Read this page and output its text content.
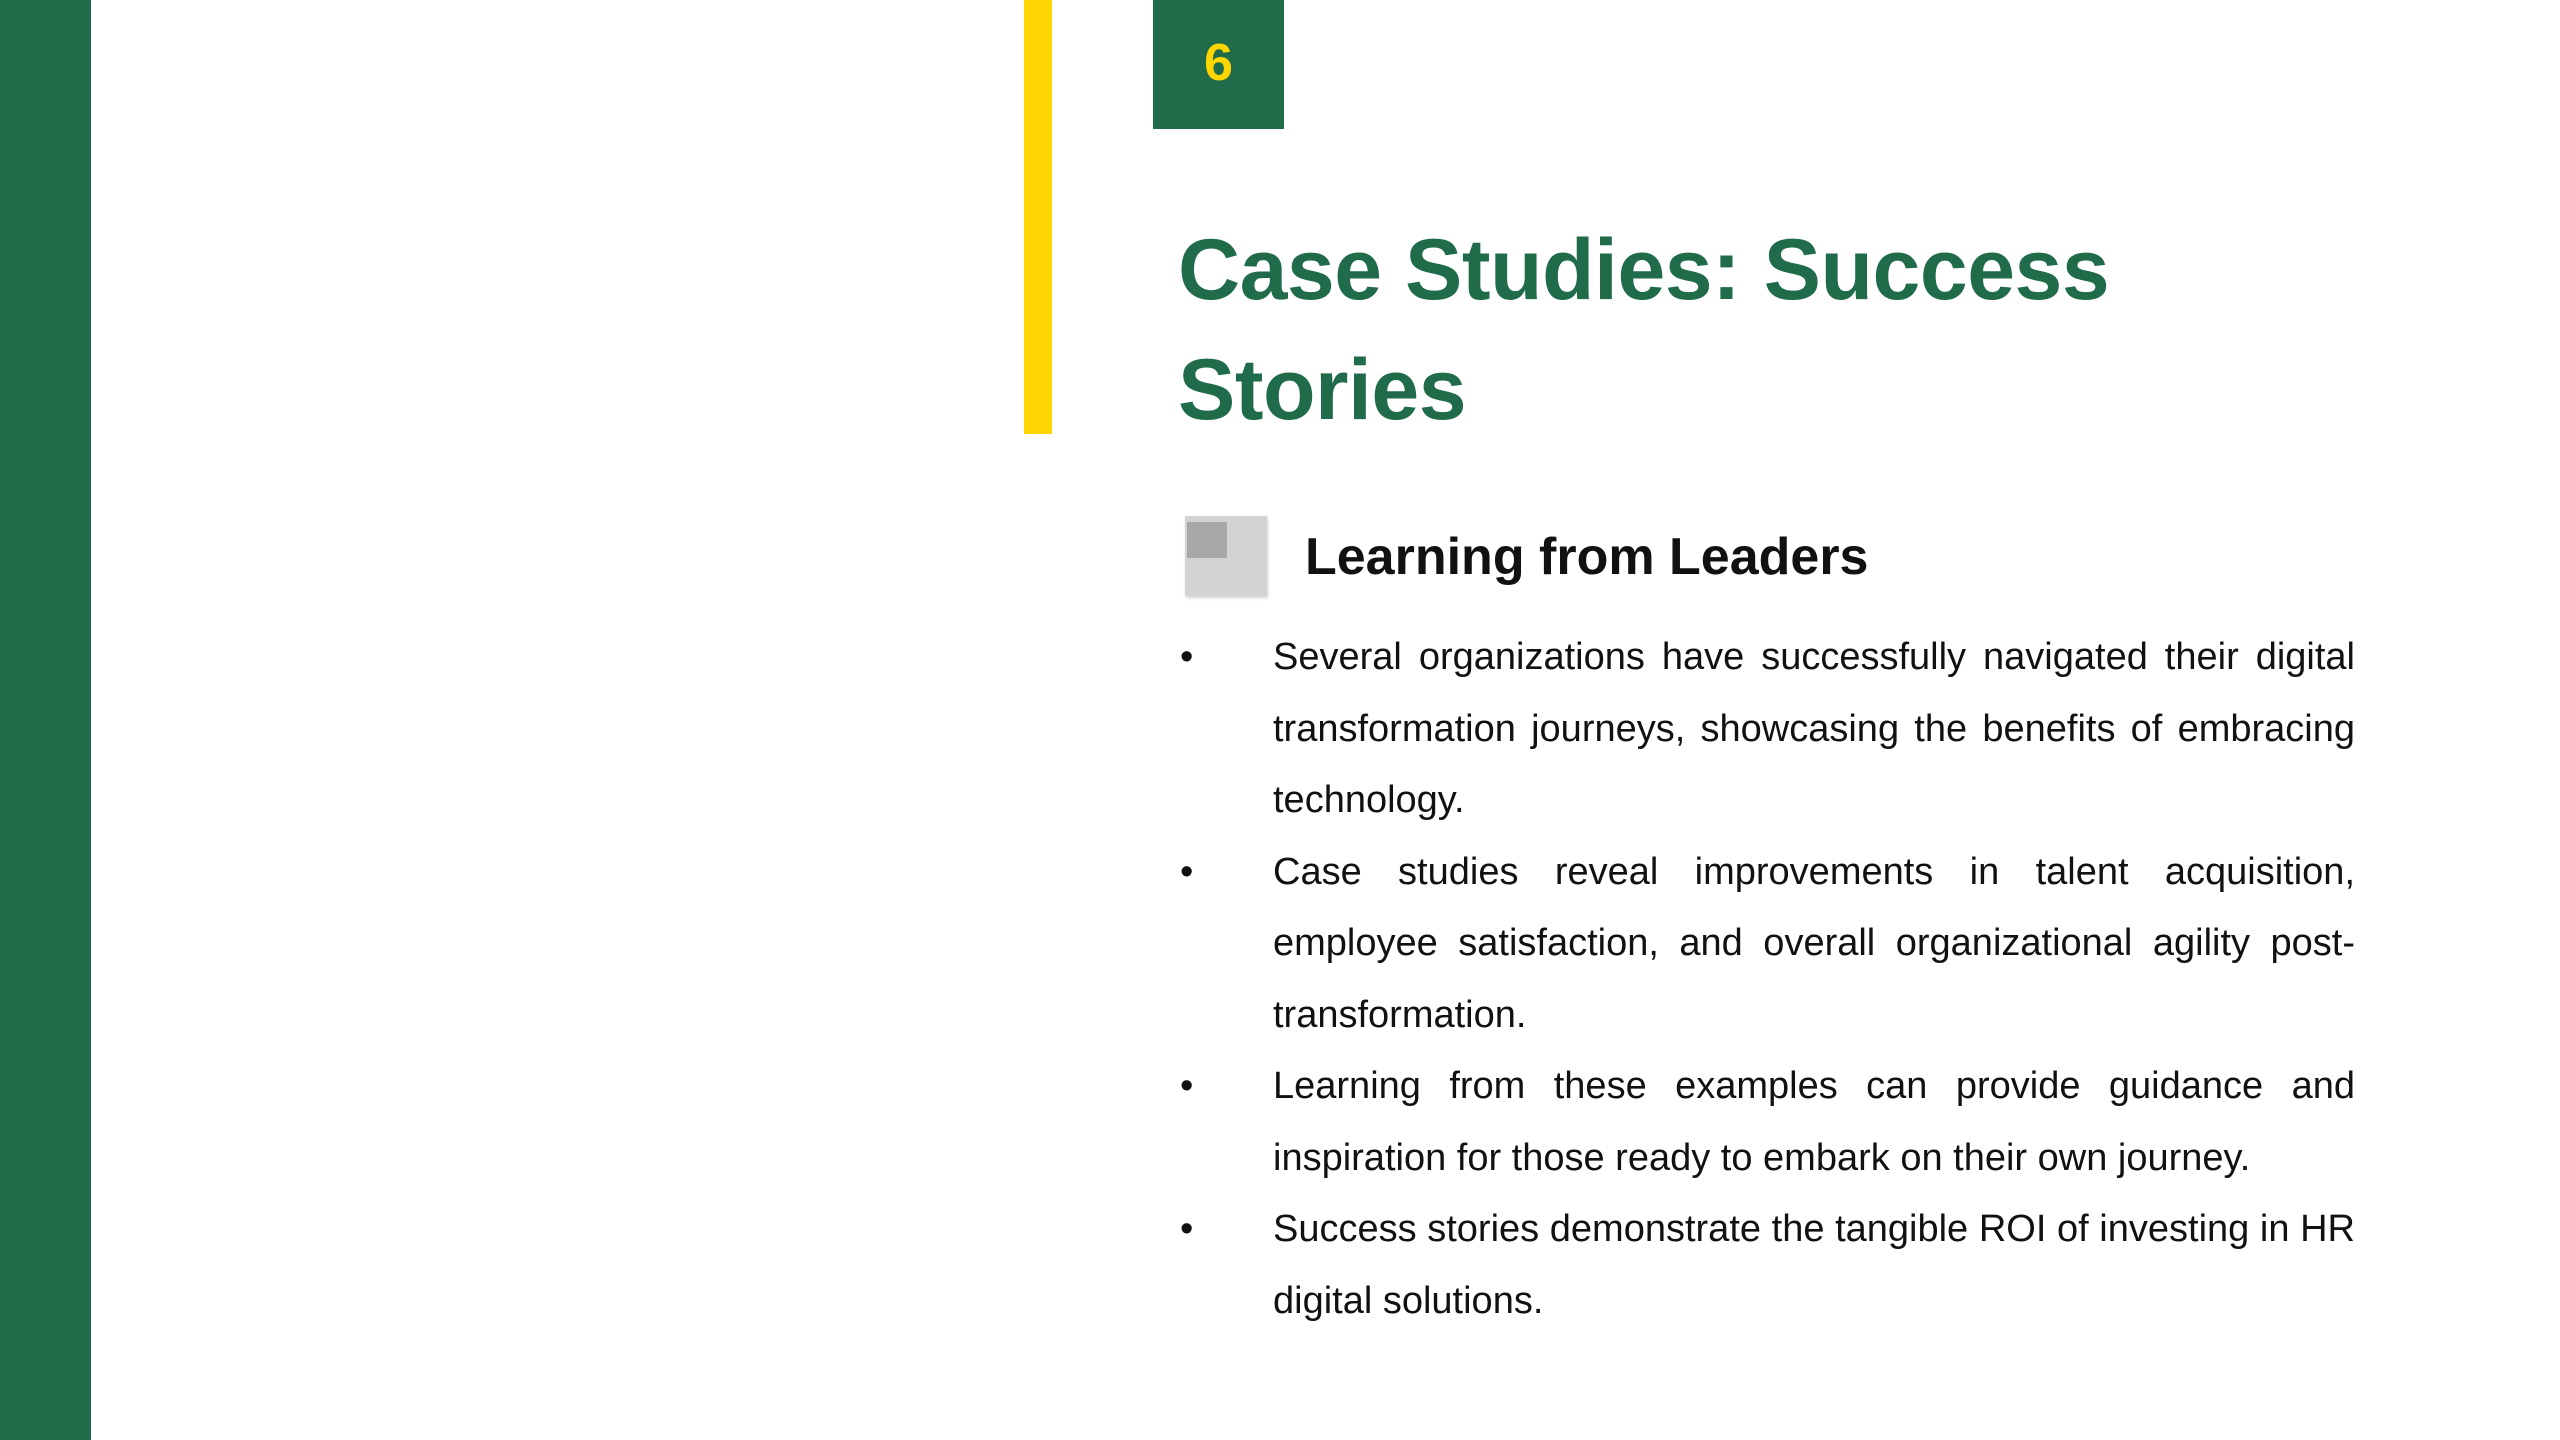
6
Case Studies: Success Stories
Learning from Leaders
• Several organizations have successfully navigated their digital transformation journeys, showcasing the benefits of embracing technology.
• Case studies reveal improvements in talent acquisition, employee satisfaction, and overall organizational agility post-transformation.
• Learning from these examples can provide guidance and inspiration for those ready to embark on their own journey.
• Success stories demonstrate the tangible ROI of investing in HR digital solutions.
